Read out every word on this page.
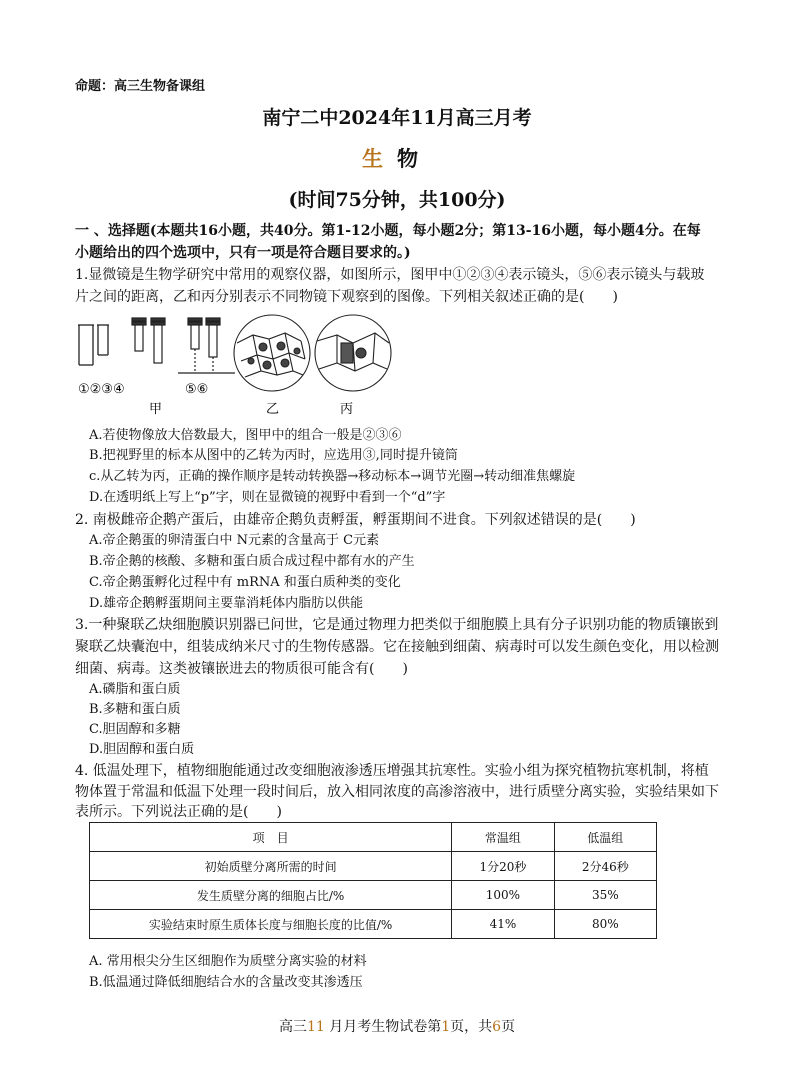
命题：高三生物备课组
南宁二中2024年11月高三月考
生物
(时间75分钟，共100分)
一 、选择题(本题共16小题，共40分。第1-12小题，每小题2分；第13-16小题，每小题4分。在每
小题给出的四个选项中，只有一项是符合题目要求的。)
1.显微镜是生物学研究中常用的观察仪器，如图所示，图甲中①②③④表示镜头，⑤⑥表示镜头与载玻
片之间的距离，乙和丙分别表示不同物镜下观察到的图像。下列相关叙述正确的是(　　)
①②③④	⑤⑥
甲	乙	丙
A.若使物像放大倍数最大，图甲中的组合一般是②③⑥
B.把视野里的标本从图中的乙转为丙时，应选用③,同时提升镜筒
c.从乙转为丙，正确的操作顺序是转动转换器→移动标本→调节光圈→转动细准焦螺旋
D.在透明纸上写上“p”字，则在显微镜的视野中看到一个“d”字
2. 南极雌帝企鹅产蛋后，由雄帝企鹅负责孵蛋，孵蛋期间不进食。下列叙述错误的是(　　)
A.帝企鹅蛋的卵清蛋白中 N元素的含量高于 C元素
B.帝企鹅的核酸、多糖和蛋白质合成过程中都有水的产生
C.帝企鹅蛋孵化过程中有 mRNA 和蛋白质种类的变化
D.雄帝企鹅孵蛋期间主要靠消耗体内脂肪以供能
3.一种聚联乙炔细胞膜识别器已问世，它是通过物理力把类似于细胞膜上具有分子识别功能的物质镶嵌到
聚联乙炔囊泡中，组装成纳米尺寸的生物传感器。它在接触到细菌、病毒时可以发生颜色变化，用以检测
细菌、病毒。这类被镶嵌进去的物质很可能含有(　　)
A.磷脂和蛋白质
B.多糖和蛋白质
C.胆固醇和多糖
D.胆固醇和蛋白质
4. 低温处理下，植物细胞能通过改变细胞液渗透压增强其抗寒性。实验小组为探究植物抗寒机制，将植
物体置于常温和低温下处理一段时间后，放入相同浓度的高渗溶液中，进行质壁分离实验，实验结果如下
表所示。下列说法正确的是(　　)
项　目	常温组	低温组
初始质壁分离所需的时间	1分20秒	2分46秒
发生质壁分离的细胞占比/%	100%	35%
实验结束时原生质体长度与细胞长度的比值/%	41%	80%
A. 常用根尖分生区细胞作为质壁分离实验的材料
B.低温通过降低细胞结合水的含量改变其渗透压
高三11 月月考生物试卷第1页，共6页
